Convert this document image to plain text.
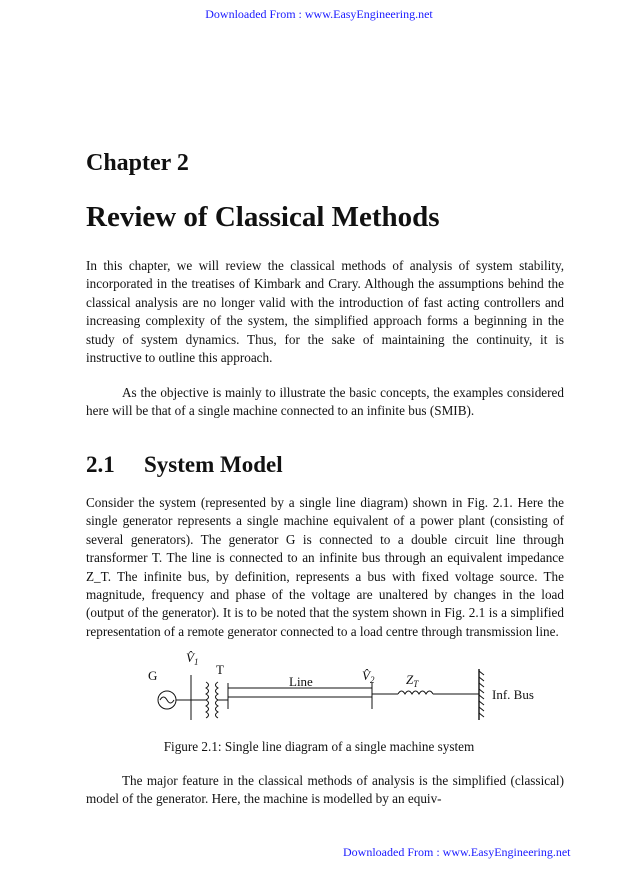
Downloaded From : www.EasyEngineering.net
Chapter 2
Review of Classical Methods
In this chapter, we will review the classical methods of analysis of system stability, incorporated in the treatises of Kimbark and Crary. Although the assumptions behind the classical analysis are no longer valid with the introduction of fast acting controllers and increasing complexity of the system, the simplified approach forms a beginning in the study of system dynamics. Thus, for the sake of maintaining the continuity, it is instructive to outline this approach.
As the objective is mainly to illustrate the basic concepts, the examples considered here will be that of a single machine connected to an infinite bus (SMIB).
2.1 System Model
Consider the system (represented by a single line diagram) shown in Fig. 2.1. Here the single generator represents a single machine equivalent of a power plant (consisting of several generators). The generator G is connected to a double circuit line through transformer T. The line is connected to an infinite bus through an equivalent impedance Z_T. The infinite bus, by definition, represents a bus with fixed voltage source. The magnitude, frequency and phase of the voltage are unaltered by changes in the load (output of the generator). It is to be noted that the system shown in Fig. 2.1 is a simplified representation of a remote generator connected to a load centre through transmission line.
G
$V̂_1$ T
Line	$V̂_2$ $Z_T$
Inf. Bus
Figure 2.1: Single line diagram of a single machine system
The major feature in the classical methods of analysis is the simplified (classical) model of the generator. Here, the machine is modelled by an equiv-
Downloaded From : www.EasyEngineering.net
